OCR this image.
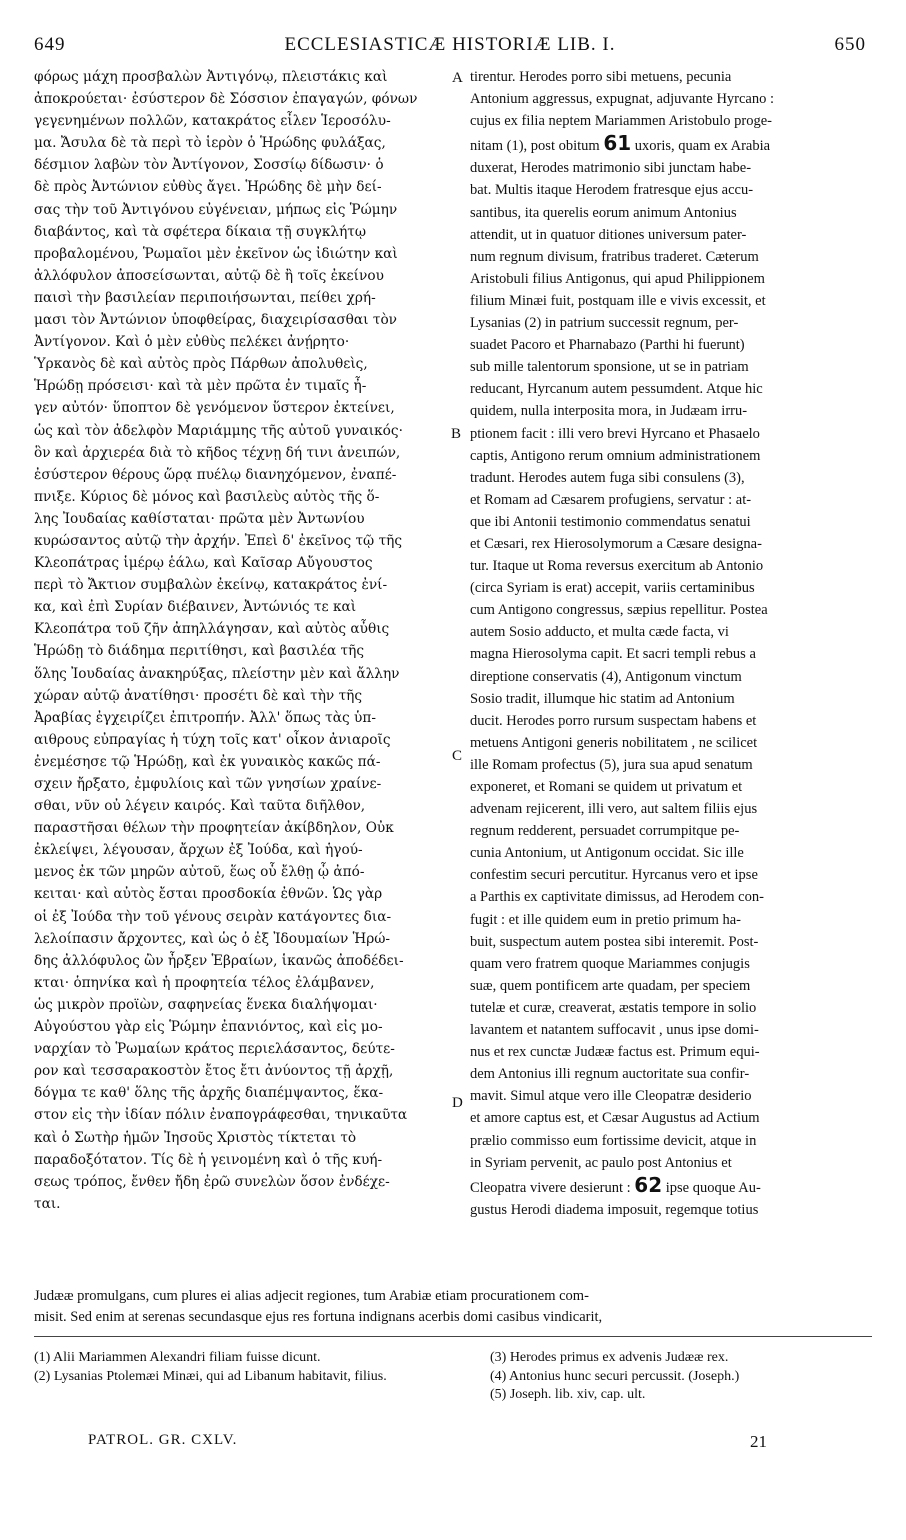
649	ECCLESIASTICÆ HISTORIÆ LIB. I.	650
φόρως μάχη προσβαλὼν Ἀντιγόνῳ, πλειστάκις καὶ
ἀποκρούεται· ἐσύστερον δὲ Σόσσιον ἐπαγαγών, φόνων
γεγενημένων πολλῶν, κατακράτος εἶλεν Ἱεροσόλυ-
μα. Ἄσυλα δὲ τὰ περὶ τὸ ἱερὸν ὁ Ἡρώδης φυλάξας,
δέσμιον λαβὼν τὸν Ἀντίγονον, Σοσσίῳ δίδωσιν· ὁ
δὲ πρὸς Ἀντώνιον εὐθὺς ἄγει. Ἡρώδης δὲ μὴν δεί-
σας τὴν τοῦ Ἀντιγόνου εὐγένειαν, μήπως εἰς Ῥώμην
διαβάντος, καὶ τὰ σφέτερα δίκαια τῇ συγκλήτῳ
προβαλομένου, Ῥωμαῖοι μὲν ἐκεῖνον ὡς ἰδιώτην καὶ
ἀλλόφυλον ἀποσείσωνται, αὐτῷ δὲ ἢ τοῖς ἐκείνου
παισὶ τὴν βασιλείαν περιποιήσωνται, πείθει χρή-
μασι τὸν Ἀντώνιον ὑποφθείρας, διαχειρίσασθαι τὸν
Ἀντίγονον. Καὶ ὁ μὲν εὐθὺς πελέκει ἀνῄρητο·
Ὑρκανὸς δὲ καὶ αὐτὸς πρὸς Πάρθων ἀπολυθεὶς,
Ἡρώδῃ πρόσεισι· καὶ τὰ μὲν πρῶτα ἐν τιμαῖς ἦ-
γεν αὐτόν· ὕποπτον δὲ γενόμενον ὕστερον ἐκτείνει,
ὡς καὶ τὸν ἀδελφὸν Μαριάμμης τῆς αὐτοῦ γυναικός·
ὃν καὶ ἀρχιερέα διὰ τὸ κῆδος τέχνῃ δή τινι ἀνειπών,
ἐσύστερον θέρους ὥρᾳ πυέλῳ διανηχόμενον, ἐναπέ-
πνιξε. Κύριος δὲ μόνος καὶ βασιλεὺς αὐτὸς τῆς ὅ-
λης Ἰουδαίας καθίσταται· πρῶτα μὲν Ἀντωνίου
κυρώσαντος αὐτῷ τὴν ἀρχήν. Ἐπεὶ δ' ἐκεῖνος τῷ τῆς
Κλεοπάτρας ἱμέρῳ ἑάλω, καὶ Καῖσαρ Αὔγουστος
περὶ τὸ Ἄκτιον συμβαλὼν ἐκείνῳ, κατακράτος ἐνί-
κα, καὶ ἐπὶ Συρίαν διέβαινεν, Ἀντώνιός τε καὶ
Κλεοπάτρα τοῦ ζῆν ἀπηλλάγησαν, καὶ αὐτὸς αὖθις
Ἡρώδῃ τὸ διάδημα περιτίθησι, καὶ βασιλέα τῆς
ὅλης Ἰουδαίας ἀνακηρύξας, πλείστην μὲν καὶ ἄλλην
χώραν αὐτῷ ἀνατίθησι· προσέτι δὲ καὶ τὴν τῆς
Ἀραβίας ἐγχειρίζει ἐπιτροπήν. Ἀλλ' ὅπως τὰς ὑπ-
αιθρους εὐπραγίας ἡ τύχη τοῖς κατ' οἶκον ἀνιαροῖς
ἐνεμέσησε τῷ Ἡρώδῃ, καὶ ἐκ γυναικὸς κακῶς πά-
σχειν ἤρξατο, ἐμφυλίοις καὶ τῶν γνησίων χραίνε-
σθαι, νῦν οὐ λέγειν καιρός. Καὶ ταῦτα διῆλθον,
παραστῆσαι θέλων τὴν προφητείαν ἀκίβδηλον, Οὐκ
ἐκλείψει, λέγουσαν, ἄρχων ἐξ Ἰούδα, καὶ ἡγού-
μενος ἐκ τῶν μηρῶν αὐτοῦ, ἕως οὗ ἔλθῃ ᾧ ἀπό-
κειται· καὶ αὐτὸς ἔσται προσδοκία ἐθνῶν. Ὡς γὰρ
οἱ ἐξ Ἰούδα τὴν τοῦ γένους σειρὰν κατάγοντες δια-
λελοίπασιν ἄρχοντες, καὶ ὡς ὁ ἐξ Ἰδουμαίων Ἡρώ-
δης ἀλλόφυλος ὢν ἦρξεν Ἑβραίων, ἱκανῶς ἀποδέδει-
κται· ὁπηνίκα καὶ ἡ προφητεία τέλος ἐλάμβανεν,
ὡς μικρὸν προϊὼν, σαφηνείας ἕνεκα διαλήψομαι·
Αὐγούστου γὰρ εἰς Ῥώμην ἐπανιόντος, καὶ εἰς μο-
ναρχίαν τὸ Ῥωμαίων κράτος περιελάσαντος, δεύτε-
ρον καὶ τεσσαρακοστὸν ἔτος ἔτι ἀνύοντος τῇ ἀρχῇ,
δόγμα τε καθ' ὅλης τῆς ἀρχῆς διαπέμψαντος, ἕκα-
στον εἰς τὴν ἰδίαν πόλιν ἐναπογράφεσθαι, τηνικαῦτα
καὶ ὁ Σωτὴρ ἡμῶν Ἰησοῦς Χριστὸς τίκτεται τὸ
παραδοξότατον. Τίς δὲ ἡ γεινομένη καὶ ὁ τῆς κυή-
σεως τρόπος, ἔνθεν ἤδη ἐρῶ συνελὼν ὅσον ἐνδέχε-
ται.
tirentur. Herodes porro sibi metuens, pecunia
Antonium aggressus, expugnat, adjuvante Hyrcano :
cujus ex filia neptem Mariammen Aristobulo proge-
nitam (1), post obitum 61 uxoris, quam ex Arabia
duxerat, Herodes matrimonio sibi junctam habe-
bat. Multis itaque Herodem fratresque ejus accu-
santibus, ita querelis eorum animum Antonius
attendit, ut in quatuor ditiones universum pater-
num regnum divisum, fratribus traderet. Cæterum
Aristobuli filius Antigonus, qui apud Philippionem
filium Minæi fuit, postquam ille e vivis excessit, et
Lysanias (2) in patrium successit regnum, per-
suadet Pacoro et Pharnabazo (Parthi hi fuerunt)
sub mille talentorum sponsione, ut se in patriam
reducant, Hyrcanum autem pessumdent. Atque hic
quidem, nulla interposita mora, in Judæam irru-
ptionem facit : illi vero brevi Hyrcano et Phasaelo
captis, Antigono rerum omnium administrationem
tradunt. Herodes autem fuga sibi consulens (3),
et Romam ad Cæsarem profugiens, servatur : at-
que ibi Antonii testimonio commendatus senatui
et Cæsari, rex Hierosolymorum a Cæsare designa-
tur. Itaque ut Roma reversus exercitum ab Antonio
(circa Syriam is erat) accepit, variis certaminibus
cum Antigono congressus, sæpius repellitur. Postea
autem Sosio adducto, et multa cæde facta, vi
magna Hierosolyma capit. Et sacri templi rebus a
direptione conservatis (4), Antigonum vinctum
Sosio tradit, illumque hic statim ad Antonium
ducit. Herodes porro rursum suspectam habens et
metuens Antigoni generis nobilitatem , ne scilicet
ille Romam profectus (5), jura sua apud senatum
exponeret, et Romani se quidem ut privatum et
advenam rejicerent, illi vero, aut saltem filiis ejus
regnum redderent, persuadet corrumpitque pe-
cunia Antonium, ut Antigonum occidat. Sic ille
confestim securi percutitur. Hyrcanus vero et ipse
a Parthis ex captivitate dimissus, ad Herodem con-
fugit : et ille quidem eum in pretio primum ha-
buit, suspectum autem postea sibi interemit. Post-
quam vero fratrem quoque Mariammes conjugis
suæ, quem pontificem arte quadam, per speciem
tutelæ et curæ, creaverat, æstatis tempore in solio
lavantem et natantem suffocavit , unus ipse domi-
nus et rex cunctæ Judææ factus est. Primum equi-
dem Antonius illi regnum auctoritate sua confir-
mavit. Simul atque vero ille Cleopatræ desiderio
et amore captus est, et Cæsar Augustus ad Actium
prælio commisso eum fortissime devicit, atque in
in Syriam pervenit, ac paulo post Antonius et
Cleopatra vivere desierunt : 62 ipse quoque Au-
gustus Herodi diadema imposuit, regemque totius
A
B
C
D
Judææ promulgans, cum plures ei alias adjecit regiones, tum Arabiæ etiam procurationem com-
misit. Sed enim at serenas secundasque ejus res fortuna indignans acerbis domi casibus vindicarit,
(1) Alii Mariammen Alexandri filiam fuisse dicunt.
(2) Lysanias Ptolemæi Minæi, qui ad Libanum habitavit, filius.
(3) Herodes primus ex advenis Judææ rex.
(4) Antonius hunc securi percussit. (Joseph.)
(5) Joseph. lib. xiv, cap. ult.
PATROL. GR. CXLV.	21
